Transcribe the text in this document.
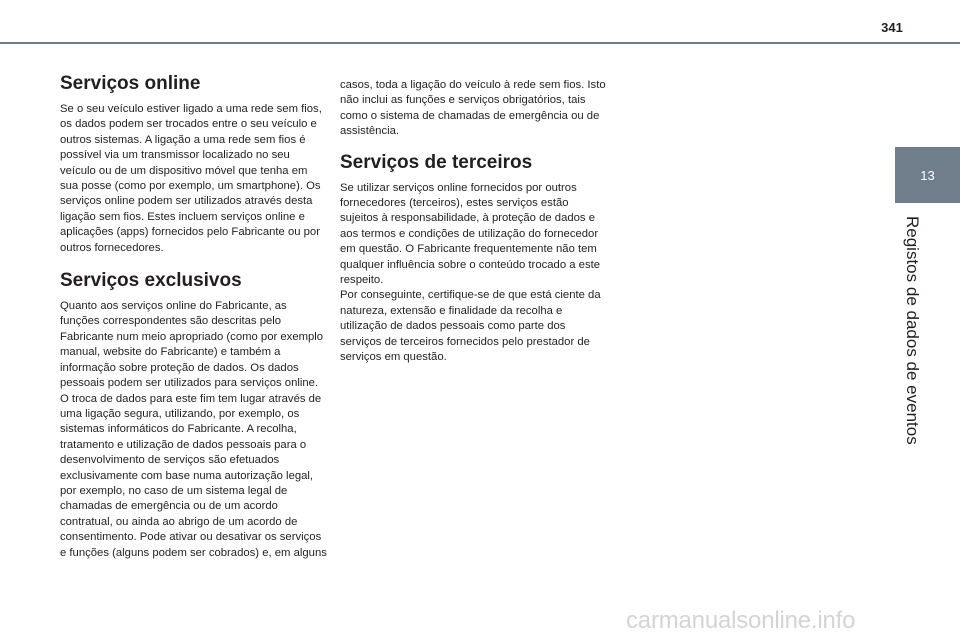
341
13
Registos de dados de eventos
Serviços online

Se o seu veículo estiver ligado a uma rede sem fios, os dados podem ser trocados entre o seu veículo e outros sistemas. A ligação a uma rede sem fios é possível via um transmissor localizado no seu veículo ou de um dispositivo móvel que tenha em sua posse (como por exemplo, um smartphone). Os serviços online podem ser utilizados através desta ligação sem fios. Estes incluem serviços online e aplicações (apps) fornecidos pelo Fabricante ou por outros fornecedores.

Serviços exclusivos

Quanto aos serviços online do Fabricante, as funções correspondentes são descritas pelo Fabricante num meio apropriado (como por exemplo manual, website do Fabricante) e também a informação sobre proteção de dados. Os dados pessoais podem ser utilizados para serviços online. O troca de dados para este fim tem lugar através de uma ligação segura, utilizando, por exemplo, os sistemas informáticos do Fabricante. A recolha, tratamento e utilização de dados pessoais para o desenvolvimento de serviços são efetuados exclusivamente com base numa autorização legal, por exemplo, no caso de um sistema legal de chamadas de emergência ou de um acordo contratual, ou ainda ao abrigo de um acordo de consentimento. Pode ativar ou desativar os serviços e funções (alguns podem ser cobrados) e, em alguns

casos, toda a ligação do veículo à rede sem fios. Isto não inclui as funções e serviços obrigatórios, tais como o sistema de chamadas de emergência ou de assistência.

Serviços de terceiros

Se utilizar serviços online fornecidos por outros fornecedores (terceiros), estes serviços estão sujeitos à responsabilidade, à proteção de dados e aos termos e condições de utilização do fornecedor em questão. O Fabricante frequentemente não tem qualquer influência sobre o conteúdo trocado a este respeito.

Por conseguinte, certifique-se de que está ciente da natureza, extensão e finalidade da recolha e utilização de dados pessoais como parte dos serviços de terceiros fornecidos pelo prestador de serviços em questão.

carmanualsonline.info
